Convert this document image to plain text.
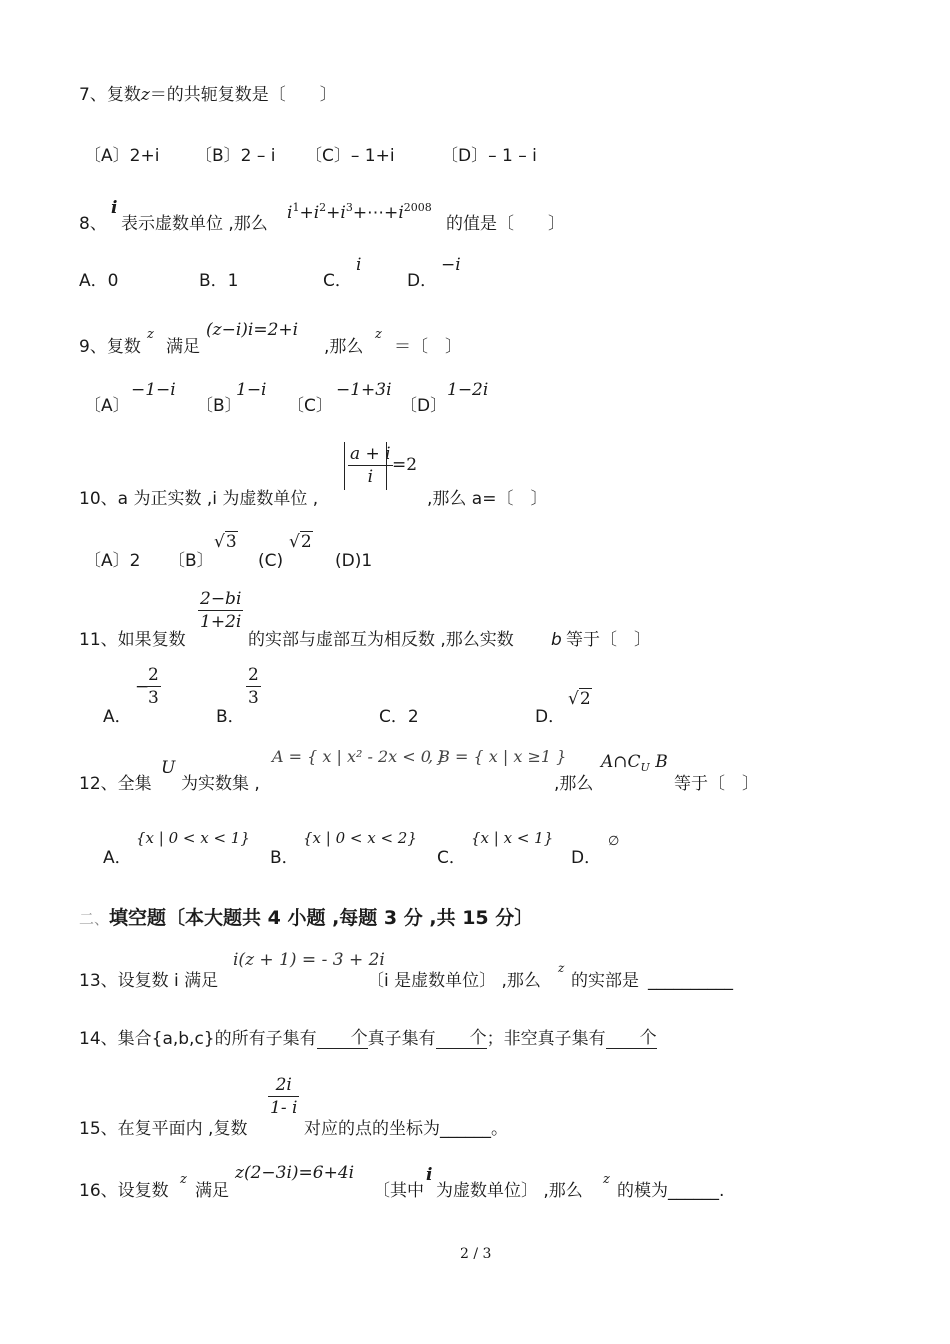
7、复数z＝的共轭复数是〔　　〕
〔A〕2+i 〔B〕2 – i 〔C〕– 1+i	〔D〕– 1 – i
8、
i
表示虚数单位 ,那么
$i^1+i^2+i^3+\cdots+i^{2008}$
的值是〔　　〕
A．0	B．1	C．
i
D．
−i
9、复数
z
满足
(z−i)i=2+i
,那么
z
＝〔　〕
〔A〕
−1−i
〔B〕
1−i
〔C〕
−1+3i
〔D〕
1−2i
10、a 为正实数 ,i 为虚数单位 ,
$\frac{a + i}{i} =2$
,那么 a=〔　〕
〔A〕2 〔B〕
√3
(C)
√2
(D)1
11、如果复数
$\frac{2-bi}{1+2i}$
的实部与虚部互为相反数 ,那么实数 b 等于〔　〕
A．
−
$\frac{2}{3}$
B．
$\frac{2}{3}$
C．2	D．
√2
12、全集
U
为实数集 ,
A = { x | x² - 2x < 0 }
, B = { x | x ≥1 }
,那么
$A\cap C_U$ B
等于〔　〕
A．
{x | 0 < x < 1}
B．
{x | 0 < x < 2}
C．
{x | x < 1}
D．
∅
二、填空题〔本大题共 4 小题 ,每题 3 分 ,共 15 分〕
13、设复数 i 满足
i(z + 1) = - 3 + 2i
〔i 是虚数单位〕 ,那么
z
的实部是 __________
14、集合{a,b,c}的所有子集有　　个真子集有　　个；非空真子集有　　个
15、在复平面内 ,复数
$\frac{2i}{1- i}$
对应的点的坐标为______。
16、设复数
z
满足
z(2−3i)=6+4i
〔其中
i
为虚数单位〕 ,那么
z
的模为______.
2 / 3
